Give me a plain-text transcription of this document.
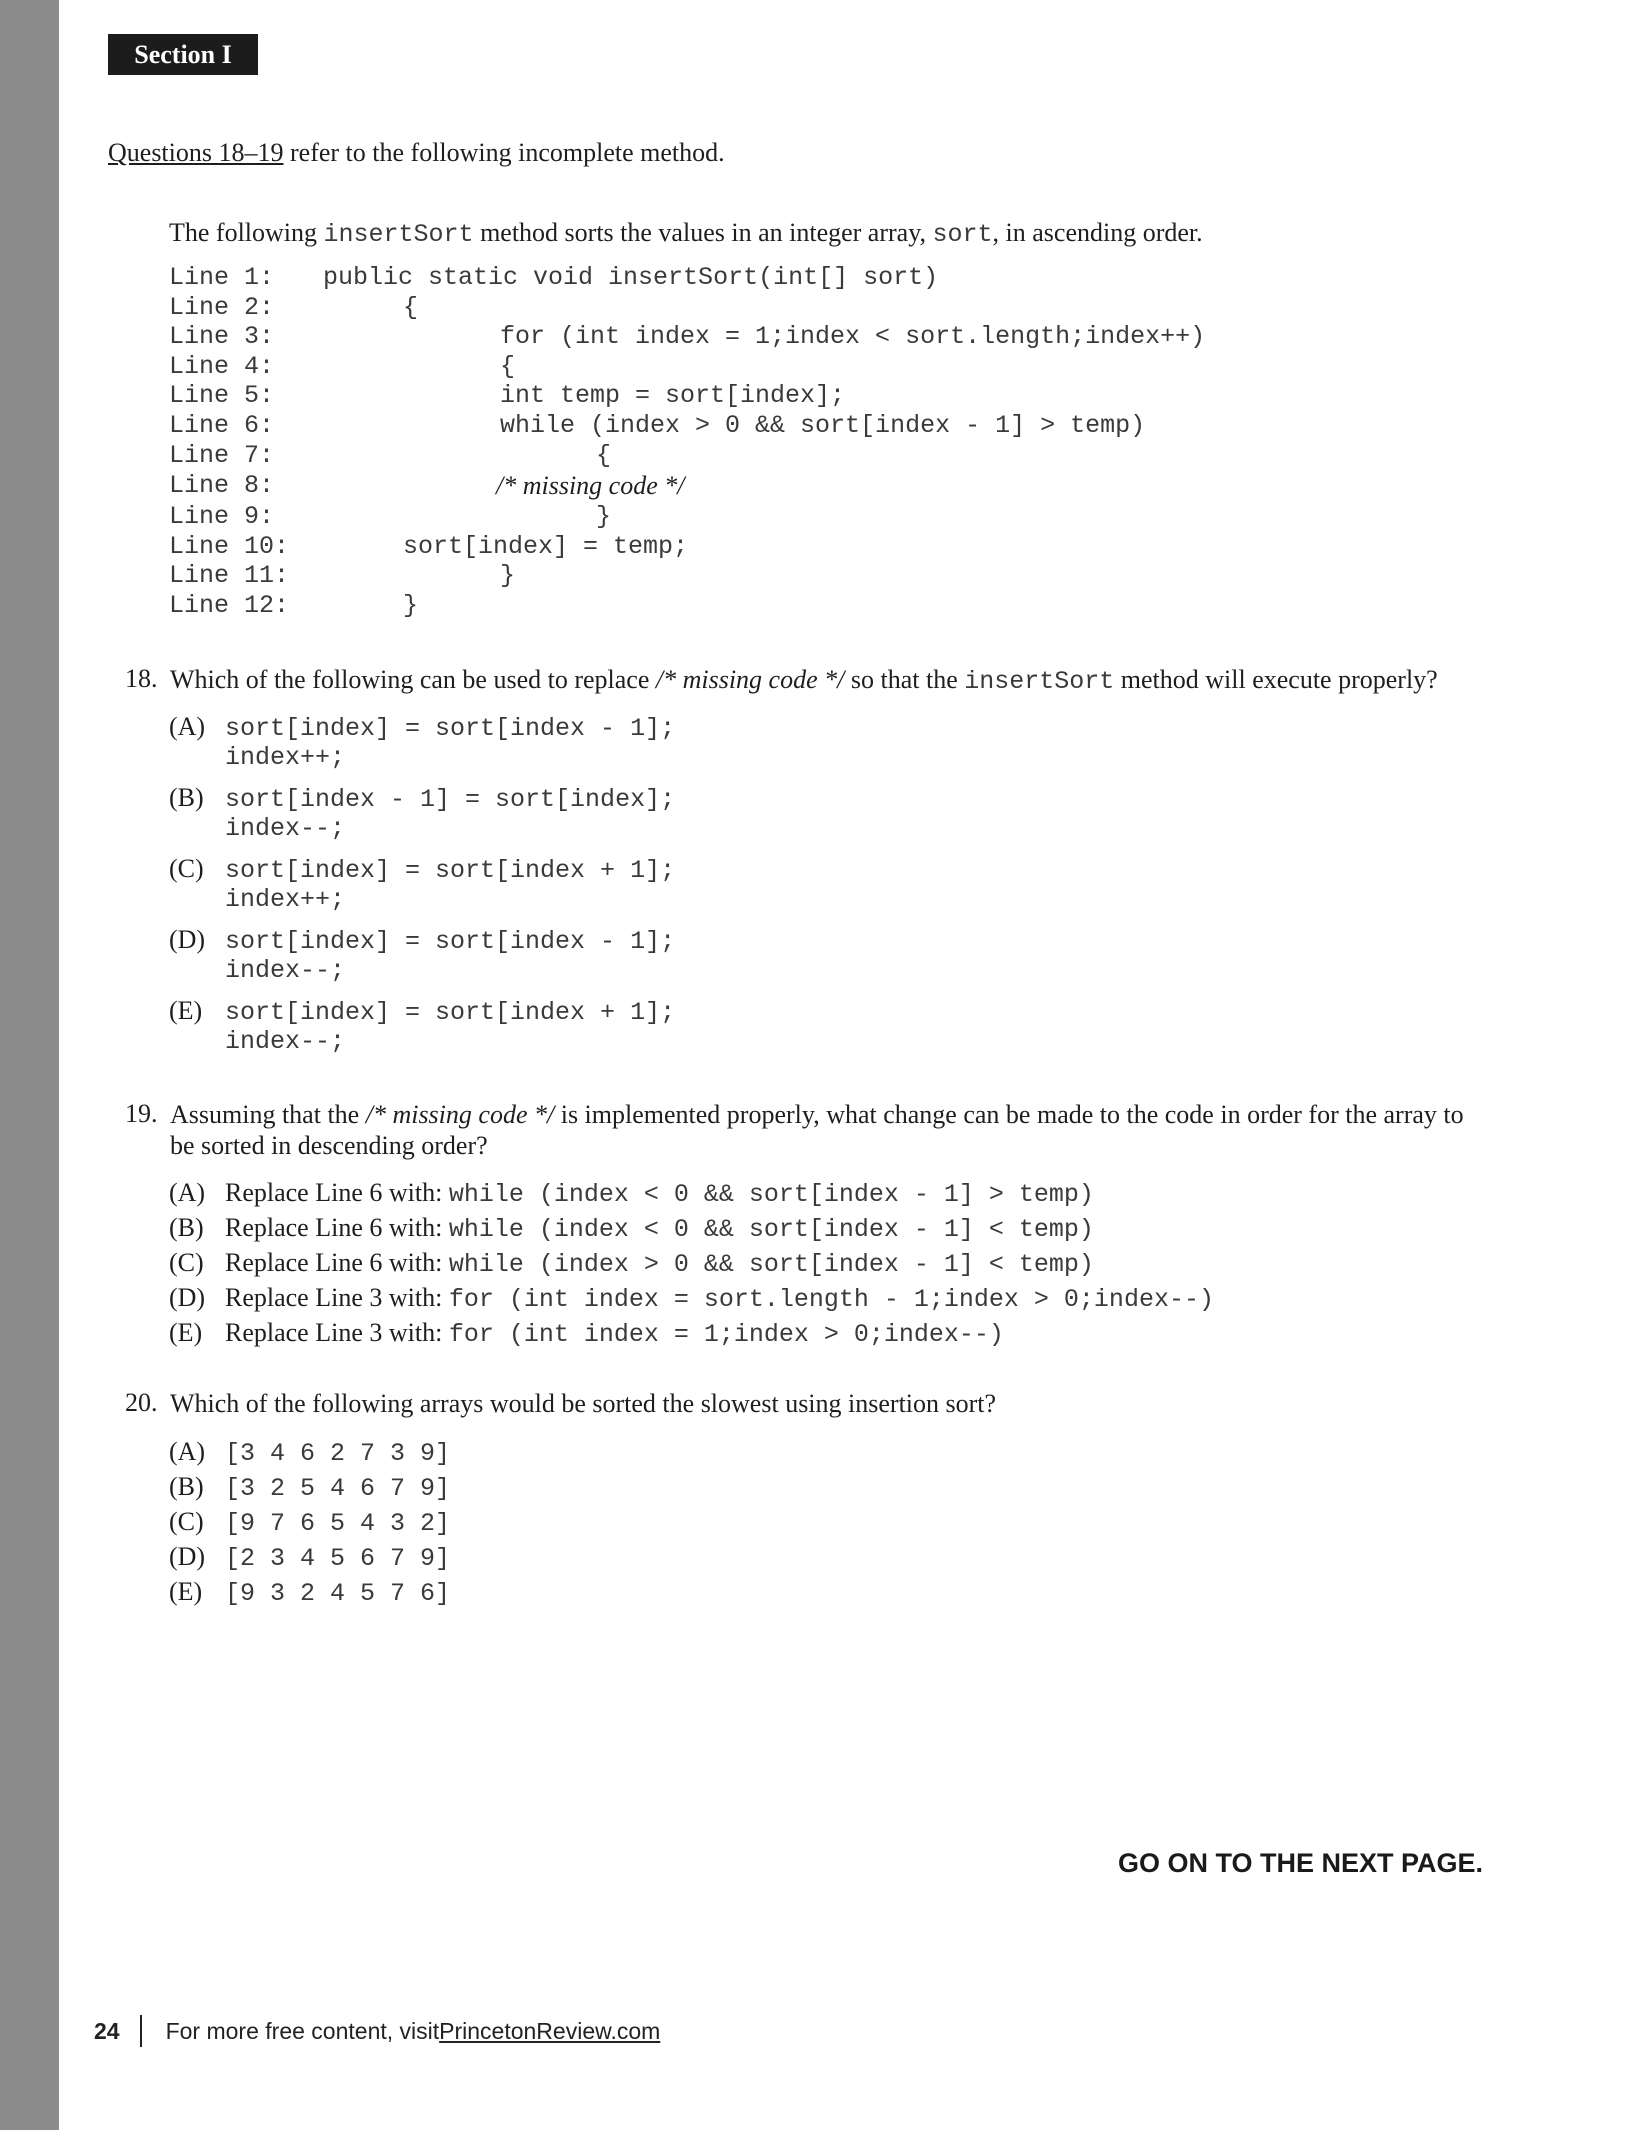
Section I
Questions 18–19 refer to the following incomplete method.
The following insertSort method sorts the values in an integer array, sort, in ascending order.
Line 1: public static void insertSort(int[] sort)
Line 2:	{
Line 3:	for (int index = 1;index < sort.length;index++)
Line 4:	{
Line 5:	int temp = sort[index];
Line 6:	while (index > 0 && sort[index - 1] > temp)
Line 7:	{
Line 8:	/* missing code */
Line 9:	}
Line 10:	sort[index] = temp;
Line 11:	}
Line 12:	}
18. Which of the following can be used to replace /* missing code */ so that the insertSort method will execute properly?
(A) sort[index] = sort[index - 1];

index++;
(B) sort[index - 1] = sort[index];

index--;
(C) sort[index] = sort[index + 1];

index++;
(D) sort[index] = sort[index - 1];

index--;
(E) sort[index] = sort[index + 1];

index--;
19. Assuming that the /* missing code */ is implemented properly, what change can be made to the code in order for the array to be sorted in descending order?
(A) Replace Line 6 with: while (index < 0 && sort[index - 1] > temp)
(B) Replace Line 6 with: while (index < 0 && sort[index - 1] < temp)
(C) Replace Line 6 with: while (index > 0 && sort[index - 1] < temp)
(D) Replace Line 3 with: for (int index = sort.length - 1;index > 0;index--)
(E) Replace Line 3 with: for (int index = 1;index > 0;index--)
20. Which of the following arrays would be sorted the slowest using insertion sort?
(A) [3 4 6 2 7 3 9]
(B) [3 2 5 4 6 7 9]
(C) [9 7 6 5 4 3 2]
(D) [2 3 4 5 6 7 9]
(E) [9 3 2 4 5 7 6]
GO ON TO THE NEXT PAGE.
24 For more free content, visit PrincetonReview.com
